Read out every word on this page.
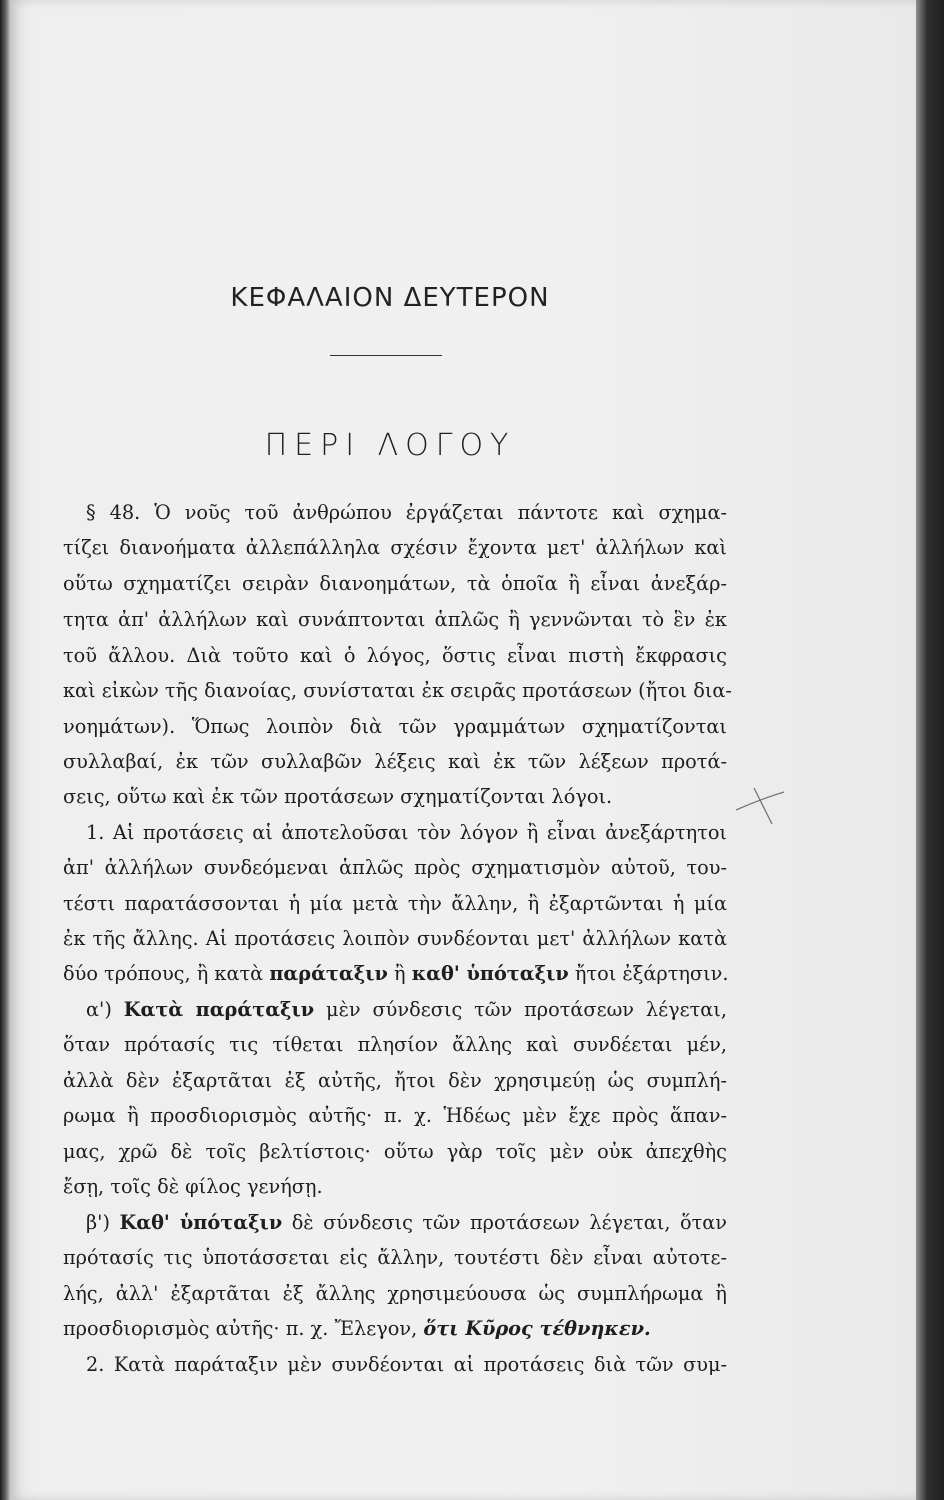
ΚΕΦΑΛΑΙΟΝ ΔΕΥΤΕΡΟΝ
ΠΕΡΙ ΛΟΓΟΥ
§ 48. Ὁ νοῦς τοῦ ἀνθρώπου ἐργάζεται πάντοτε καὶ σχημα-
τίζει διανοήματα ἀλλεπάλληλα σχέσιν ἔχοντα μετ' ἀλλήλων καὶ
οὕτω σχηματίζει σειρὰν διανοημάτων, τὰ ὁποῖα ἢ εἶναι ἀνεξάρ-
τητα ἀπ' ἀλλήλων καὶ συνάπτονται ἁπλῶς ἢ γεννῶνται τὸ ἓν ἐκ
τοῦ ἄλλου. Διὰ τοῦτο καὶ ὁ λόγος, ὅστις εἶναι πιστὴ ἔκφρασις
καὶ εἰκὼν τῆς διανοίας, συνίσταται ἐκ σειρᾶς προτάσεων (ἤτοι δια-
νοημάτων). Ὅπως λοιπὸν διὰ τῶν γραμμάτων σχηματίζονται
συλλαβαί, ἐκ τῶν συλλαβῶν λέξεις καὶ ἐκ τῶν λέξεων προτά-
σεις, οὕτω καὶ ἐκ τῶν προτάσεων σχηματίζονται λόγοι.
1. Αἱ προτάσεις αἱ ἀποτελοῦσαι τὸν λόγον ἢ εἶναι ἀνεξάρτητοι
ἀπ' ἀλλήλων συνδεόμεναι ἁπλῶς πρὸς σχηματισμὸν αὐτοῦ, του-
τέστι παρατάσσονται ἡ μία μετὰ τὴν ἄλλην, ἢ ἐξαρτῶνται ἡ μία
ἐκ τῆς ἄλλης. Αἱ προτάσεις λοιπὸν συνδέονται μετ' ἀλλήλων κατὰ
δύο τρόπους, ἢ κατὰ παράταξιν ἢ καθ' ὑπόταξιν ἤτοι ἐξάρτησιν.
α') Κατὰ παράταξιν μὲν σύνδεσις τῶν προτάσεων λέγεται,
ὅταν πρότασίς τις τίθεται πλησίον ἄλλης καὶ συνδέεται μέν,
ἀλλὰ δὲν ἐξαρτᾶται ἐξ αὐτῆς, ἤτοι δὲν χρησιμεύῃ ὡς συμπλή-
ρωμα ἢ προσδιορισμὸς αὐτῆς· π. χ. Ἡδέως μὲν ἔχε πρὸς ἅπαν-
μας, χρῶ δὲ τοῖς βελτίστοις· οὕτω γὰρ τοῖς μὲν οὐκ ἀπεχθὴς
ἔσῃ, τοῖς δὲ φίλος γενήσῃ.
β') Καθ' ὑπόταξιν δὲ σύνδεσις τῶν προτάσεων λέγεται, ὅταν
πρότασίς τις ὑποτάσσεται εἰς ἄλλην, τουτέστι δὲν εἶναι αὐτοτε-
λής, ἀλλ' ἐξαρτᾶται ἐξ ἄλλης χρησιμεύουσα ὡς συμπλήρωμα ἢ
προσδιορισμὸς αὐτῆς· π. χ. Ἔλεγον, ὅτι Κῦρος τέθνηκεν.
2. Κατὰ παράταξιν μὲν συνδέονται αἱ προτάσεις διὰ τῶν συμ-
